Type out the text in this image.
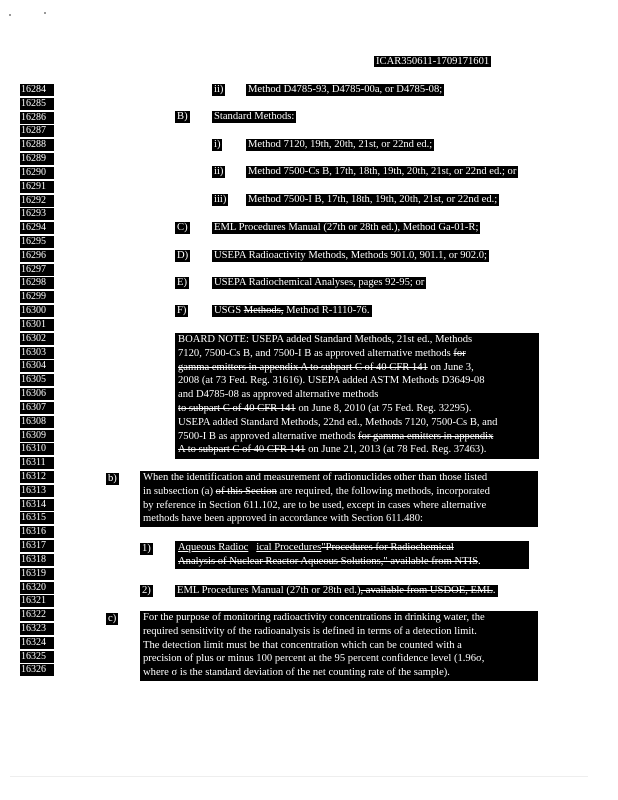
ICAR350611-1709171601
16284
16285
16286
16287
16288
16289
16290
16291
16292
16293
16294
16295
16296
16297
16298
16299
16300
16301
16302
16303
16304
16305
16306
16307
16308
16309
16310
16311
16312
16313
16314
16315
16316
16317
16318
16319
16320
16321
16322
16323
16324
16325
16326
ii) Method D4785-93, D4785-00a, or D4785-08;
B) Standard Methods:
i)	Method 7120, 19th, 20th, 21st, or 22nd ed.;
ii) Method 7500-Cs B, 17th, 18th, 19th, 20th, 21st, or 22nd ed.; or
iii) Method 7500-I B, 17th, 18th, 19th, 20th, 21st, or 22nd ed.;
C) EML Procedures Manual (27th or 28th ed.), Method Ga-01-R;
D) USEPA Radioactivity Methods, Methods 901.0, 901.1, or 902.0;
E)	USEPA Radiochemical Analyses, pages 92-95; or
F)	USGS Methods, Method R-1110-76.
BOARD NOTE: USEPA added Standard Methods, 21st ed., Methods
7120, 7500-Cs B, and 7500-I B as approved alternative methods for
gamma emitters in appendix A to subpart C of 40 CFR 141 on June 3,
2008 (at 73 Fed. Reg. 31616). USEPA added ASTM Methods D3649-08
and D4785-08 as approved alternative methods
to subpart C of 40 CFR 141 on June 8, 2010 (at 75 Fed. Reg. 32295).
USEPA added Standard Methods, 22nd ed., Methods 7120, 7500-Cs B, and
7500-I B as approved alternative methods for gamma emitters in appendix
A to subpart C of 40 CFR 141 on June 21, 2013 (at 78 Fed. Reg. 37463).
b) When the identification and measurement of radionuclides other than those listed
in subsection (a) of this Section are required, the following methods, incorporated
by reference in Section 611.102, are to be used, except in cases where alternative
methods have been approved in accordance with Section 611.480:
1)	Aqueous Radioc ical Procedures"Procedures for Radiochemical
Analysis of Nuclear Reactor Aqueous Solutions," available from NTIS.
2) EML Procedures Manual (27th or 28th ed.), available from USDOE, EML.
c)	For the purpose of monitoring radioactivity concentrations in drinking water, the
required sensitivity of the radioanalysis is defined in terms of a detection limit.
The detection limit must be that concentration which can be counted with a
precision of plus or minus 100 percent at the 95 percent confidence level (1.96σ,
where σ is the standard deviation of the net counting rate of the sample).
